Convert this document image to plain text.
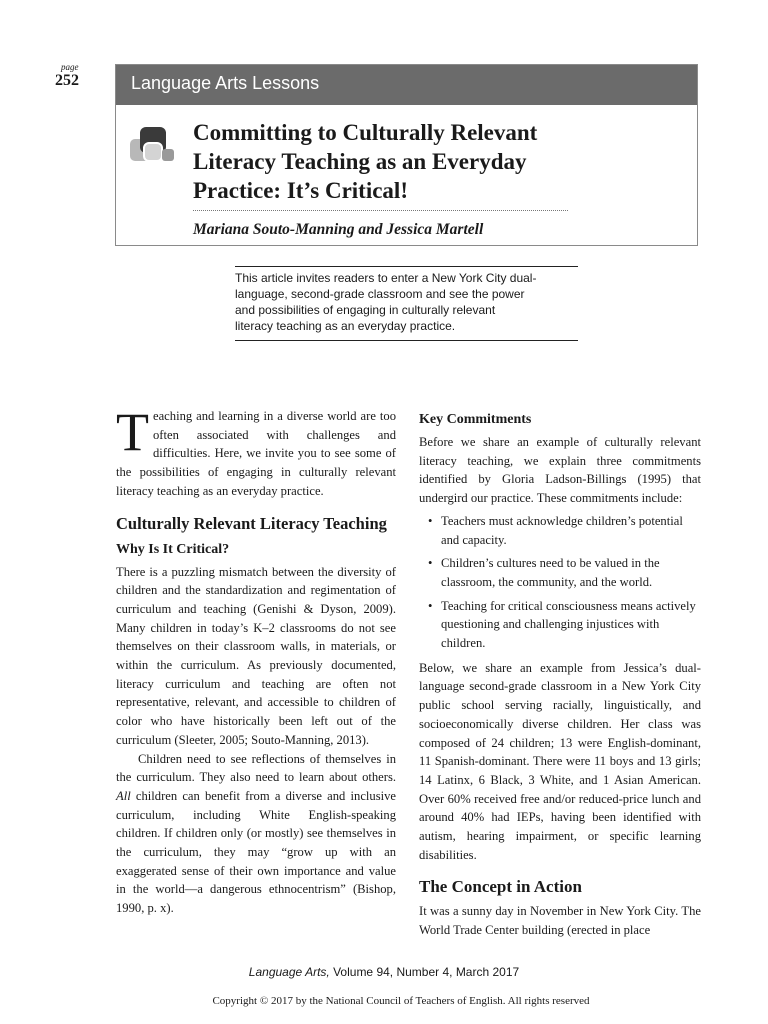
page
252	Language Arts Lessons
Committing to Culturally Relevant
Literacy Teaching as an Everyday
Practice: It’s Critical!
Mariana Souto-Manning and Jessica Martell
This article invites readers to enter a New York City dual-
language, second-grade classroom and see the power
and possibilities of engaging in culturally relevant
literacy teaching as an everyday practice.

Teaching and learning in a diverse world are too often associated with challenges and difficulties. Here, we invite you to see some of the possibilities of engaging in culturally relevant literacy teaching as an everyday practice.

Culturally Relevant Literacy Teaching
Why Is It Critical?

There is a puzzling mismatch between the diversity of children and the standardization and regimentation of curriculum and teaching (Genishi & Dyson, 2009). Many children in today’s K–2 classrooms do not see themselves on their classroom walls, in materials, or within the curriculum. As previously documented, literacy curriculum and teaching are often not representative, relevant, and accessible to children of color who have historically been left out of the curriculum (Sleeter, 2005; Souto-Manning, 2013).

Children need to see reflections of themselves in the curriculum. They also need to learn about others. All children can benefit from a diverse and inclusive curriculum, including White English-speaking children. If children only (or mostly) see themselves in the curriculum, they may “grow up with an exaggerated sense of their own importance and value in the world—a dangerous ethnocentrism” (Bishop, 1990, p. x).

Key Commitments

Before we share an example of culturally relevant literacy teaching, we explain three commitments identified by Gloria Ladson-Billings (1995) that undergird our practice. These commitments include:

• Teachers must acknowledge children’s potential and capacity.
• Children’s cultures need to be valued in the classroom, the community, and the world.
• Teaching for critical consciousness means actively questioning and challenging injustices with children.

Below, we share an example from Jessica’s dual-language second-grade classroom in a New York City public school serving racially, linguistically, and socioeconomically diverse children. Her class was composed of 24 children; 13 were English-dominant, 11 Spanish-dominant. There were 11 boys and 13 girls; 14 Latinx, 6 Black, 3 White, and 1 Asian American. Over 60% received free and/or reduced-price lunch and around 40% had IEPs, having been identified with autism, hearing impairment, or specific learning disabilities.

The Concept in Action

It was a sunny day in November in New York City. The World Trade Center building (erected in place

Language Arts, Volume 94, Number 4, March 2017
Copyright © 2017 by the National Council of Teachers of English. All rights reserved
